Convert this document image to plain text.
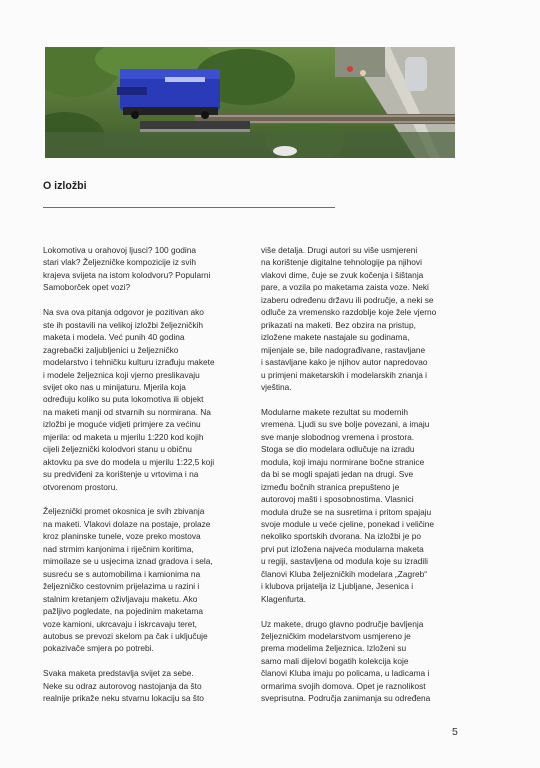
O izložbi
Lokomotiva u orahovoj ljusci? 100 godina
stari vlak? Željezničke kompozicije iz svih
krajeva svijeta na istom kolodvoru? Popularni
Samoborček opet vozi?
Na sva ova pitanja odgovor je pozitivan ako
ste ih postavili na velikoj izložbi željezničkih
maketa i modela. Već punih 40 godina
zagrebački zaljubljenici u željezničko
modelarstvo i tehničku kulturu izrađuju makete
i modele željeznica koji vjerno preslikavaju
svijet oko nas u minijaturu. Mjerila koja
određuju koliko su puta lokomotiva ili objekt
na maketi manji od stvarnih su normirana. Na
izložbi je moguće vidjeti primjere za većinu
mjerila: od maketa u mjerilu 1:220 kod kojih
cijeli željeznički kolodvori stanu u običnu
aktovku pa sve do modela u mjerilu 1:22,5 koji
su predviđeni za korištenje u vrtovima i na
otvorenom prostoru.
Željeznički promet okosnica je svih zbivanja
na maketi. Vlakovi dolaze na postaje, prolaze
kroz planinske tunele, voze preko mostova
nad strmim kanjonima i riječnim koritima,
mimoilaze se u usjecima iznad gradova i sela,
susreću se s automobilima i kamionima na
željezničko cestovnim prijelazima u razini i
stalnim kretanjem oživljavaju maketu. Ako
pažljivo pogledate, na pojedinim maketama
voze kamioni, ukrcavaju i iskrcavaju teret,
autobus se prevozi skelom pa čak i uključuje
pokazivače smjera po potrebi.
Svaka maketa predstavlja svijet za sebe.
Neke su odraz autorovog nastojanja da što
realnije prikaže neku stvarnu lokaciju sa što
više detalja. Drugi autori su više usmjereni
na korištenje digitalne tehnologije pa njihovi
vlakovi dime, čuje se zvuk kočenja i šištanja
pare, a vozila po maketama zaista voze. Neki
izaberu određenu državu ili područje, a neki se
odluče za vremensko razdoblje koje žele vjerno
prikazati na maketi. Bez obzira na pristup,
izložene makete nastajale su godinama,
mijenjale se, bile nadograđivane, rastavljane
i sastavljane kako je njihov autor napredovao
u primjeni maketarskih i modelarskih znanja i
vještina.
Modularne makete rezultat su modernih
vremena. Ljudi su sve bolje povezani, a imaju
sve manje slobodnog vremena i prostora.
Stoga se dio modelara odlučuje na izradu
modula, koji imaju normirane bočne stranice
da bi se mogli spajati jedan na drugi. Sve
između bočnih stranica prepušteno je
autorovoj mašti i sposobnostima. Vlasnici
modula druže se na susretima i pritom spajaju
svoje module u veće cjeline, ponekad i veličine
nekoliko sportskih dvorana. Na izložbi je po
prvi put izložena najveća modularna maketa
u regiji, sastavljena od modula koje su izradili
članovi Kluba željezničkih modelara „Zagreb“
i klubova prijatelja iz Ljubljane, Jesenica i
Klagenfurta.
Uz makete, drugo glavno područje bavljenja
željezničkim modelarstvom usmjereno je
prema modelima željeznica. Izloženi su
samo mali dijelovi bogatih kolekcija koje
članovi Kluba imaju po policama, u ladicama i
ormarima svojih domova. Opet je raznolikost
sveprisutna. Područja zanimanja su određena
5
